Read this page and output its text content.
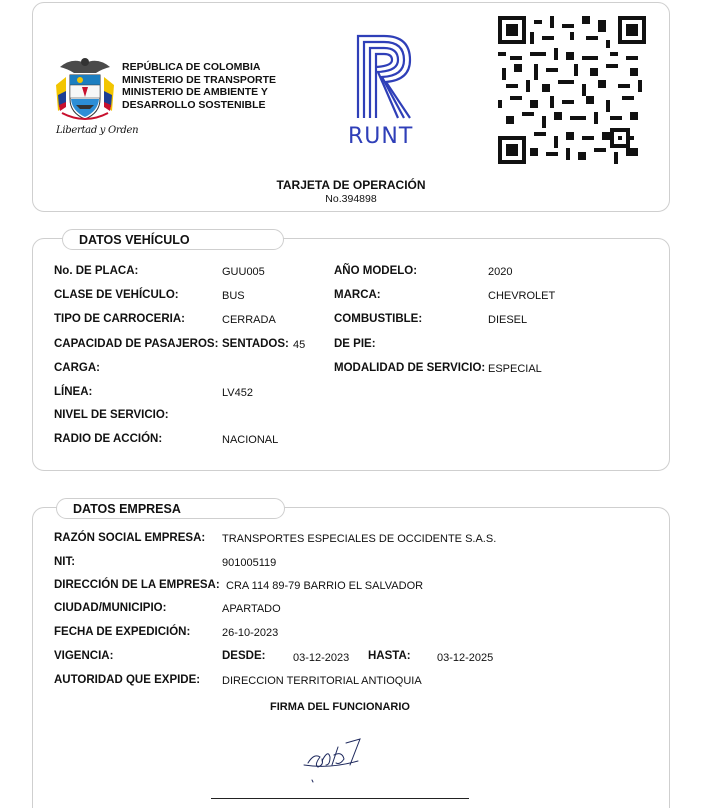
REPÚBLICA DE COLOMBIA
MINISTERIO DE TRANSPORTE
MINISTERIO DE AMBIENTE Y
DESARROLLO SOSTENIBLE
Libertad y Orden	RUNT
TARJETA DE OPERACIÓN
No.394898
DATOS VEHÍCULO
No. DE PLACA:	GUU005	AÑO MODELO:	2020
CLASE DE VEHÍCULO:	BUS	MARCA:	CHEVROLET
TIPO DE CARROCERIA:	CERRADA	COMBUSTIBLE:	DIESEL
CAPACIDAD DE PASAJEROS: SENTADOS: 45	DE PIE:
CARGA:	MODALIDAD DE SERVICIO: ESPECIAL
LÍNEA:	LV452
NIVEL DE SERVICIO:
RADIO DE ACCIÓN:	NACIONAL
DATOS EMPRESA
RAZÓN SOCIAL EMPRESA: TRANSPORTES ESPECIALES DE OCCIDENTE S.A.S.
NIT:	901005119
DIRECCIÓN DE LA EMPRESA: CRA 114 89-79 BARRIO EL SALVADOR
CIUDAD/MUNICIPIO:	APARTADO
FECHA DE EXPEDICIÓN:	26-10-2023
VIGENCIA:	DESDE:	03-12-2023 HASTA: 03-12-2025
AUTORIDAD QUE EXPIDE: DIRECCION TERRITORIAL ANTIOQUIA
FIRMA DEL FUNCIONARIO
